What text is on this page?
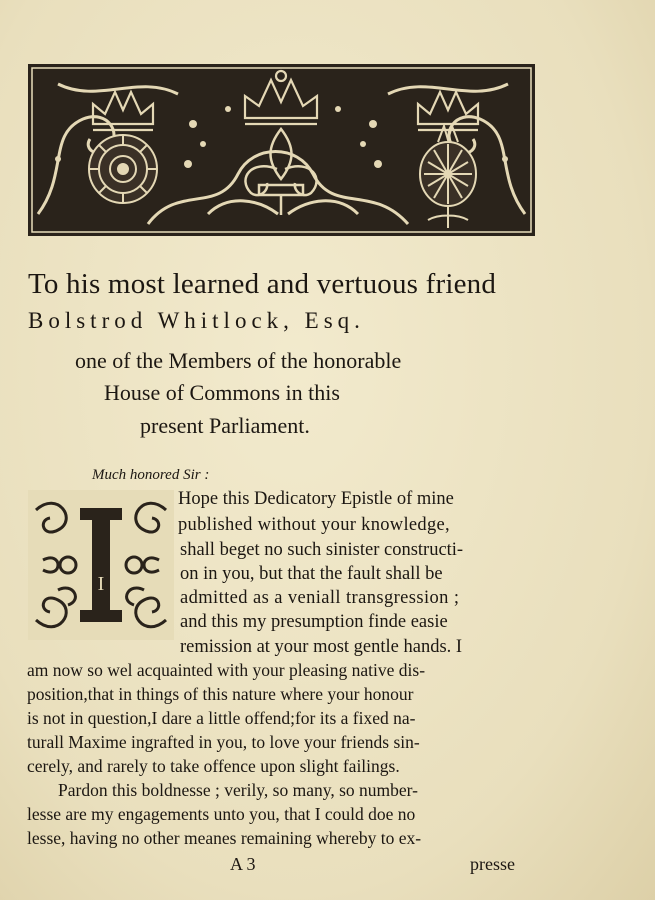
To his most learned and vertuous friend
Bolstrod Whitlock, Esq.
one of the Members of the honorable
House of Commons in this
present Parliament.
Much honored Sir :
I
Hope this Dedicatory Epistle of mine
published without your knowledge,
shall beget no such sinister constructi-
on in you, but that the fault shall be
admitted as a veniall transgression ;
and this my presumption finde easie
remission at your most gentle hands. I
am now so wel acquainted with your pleasing native dis-
position,that in things of this nature where your honour
is not in question,I dare a little offend;for its a fixed na-
turall Maxime ingrafted in you, to love your friends sin-
cerely, and rarely to take offence upon slight failings.
Pardon this boldnesse ; verily, so many, so number-
lesse are my engagements unto you, that I could doe no
lesse, having no other meanes remaining whereby to ex-
A 3	presse
